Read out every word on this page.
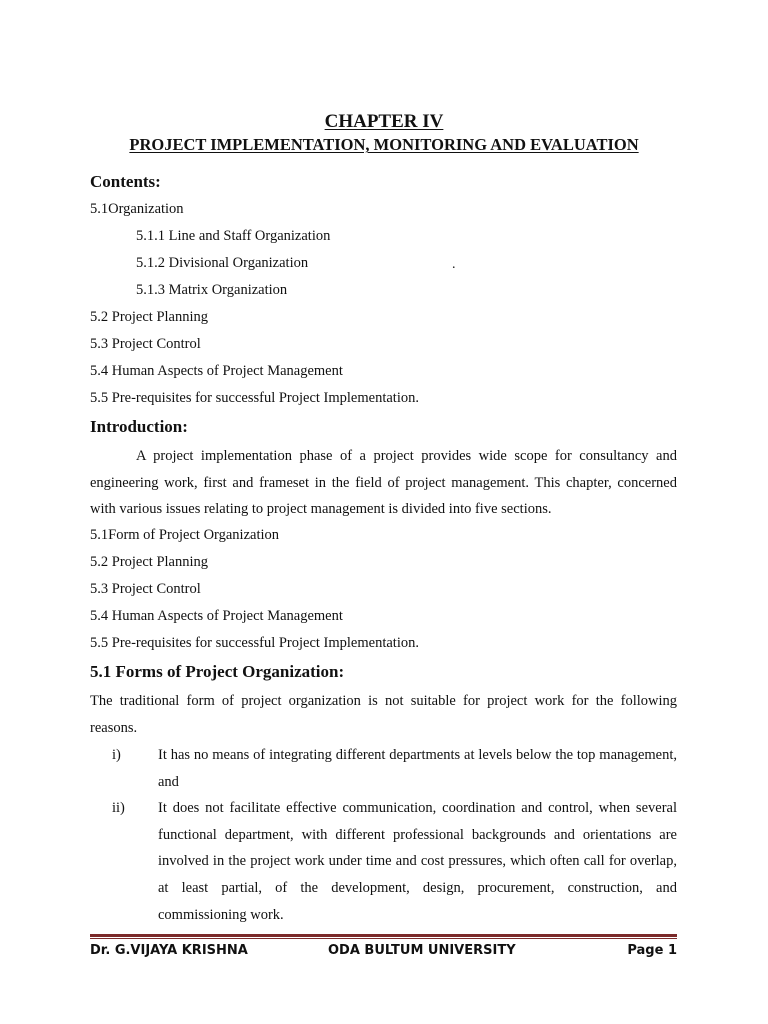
CHAPTER IV
PROJECT IMPLEMENTATION, MONITORING AND EVALUATION
Contents:
5.1Organization
5.1.1 Line and Staff Organization
5.1.2 Divisional Organization	.
5.1.3 Matrix Organization
5.2 Project Planning
5.3 Project Control
5.4 Human Aspects of Project Management
5.5 Pre-requisites for successful Project Implementation.
Introduction:
A project implementation phase of a project provides wide scope for consultancy and engineering work, first and frameset in the field of project management. This chapter, concerned with various issues relating to project management is divided into five sections.
5.1Form of Project Organization
5.2 Project Planning
5.3 Project Control
5.4 Human Aspects of Project Management
5.5 Pre-requisites for successful Project Implementation.
5.1 Forms of Project Organization:
The traditional form of project organization is not suitable for project work for the following reasons.
i)	It has no means of integrating different departments at levels below the top management, and
ii) It does not facilitate effective communication, coordination and control, when several functional department, with different professional backgrounds and orientations are involved in the project work under time and cost pressures, which often call for overlap, at least partial, of the development, design, procurement, construction, and commissioning work.
Dr. G.VIJAYA KRISHNA	ODA BULTUM UNIVERSITY	Page 1
